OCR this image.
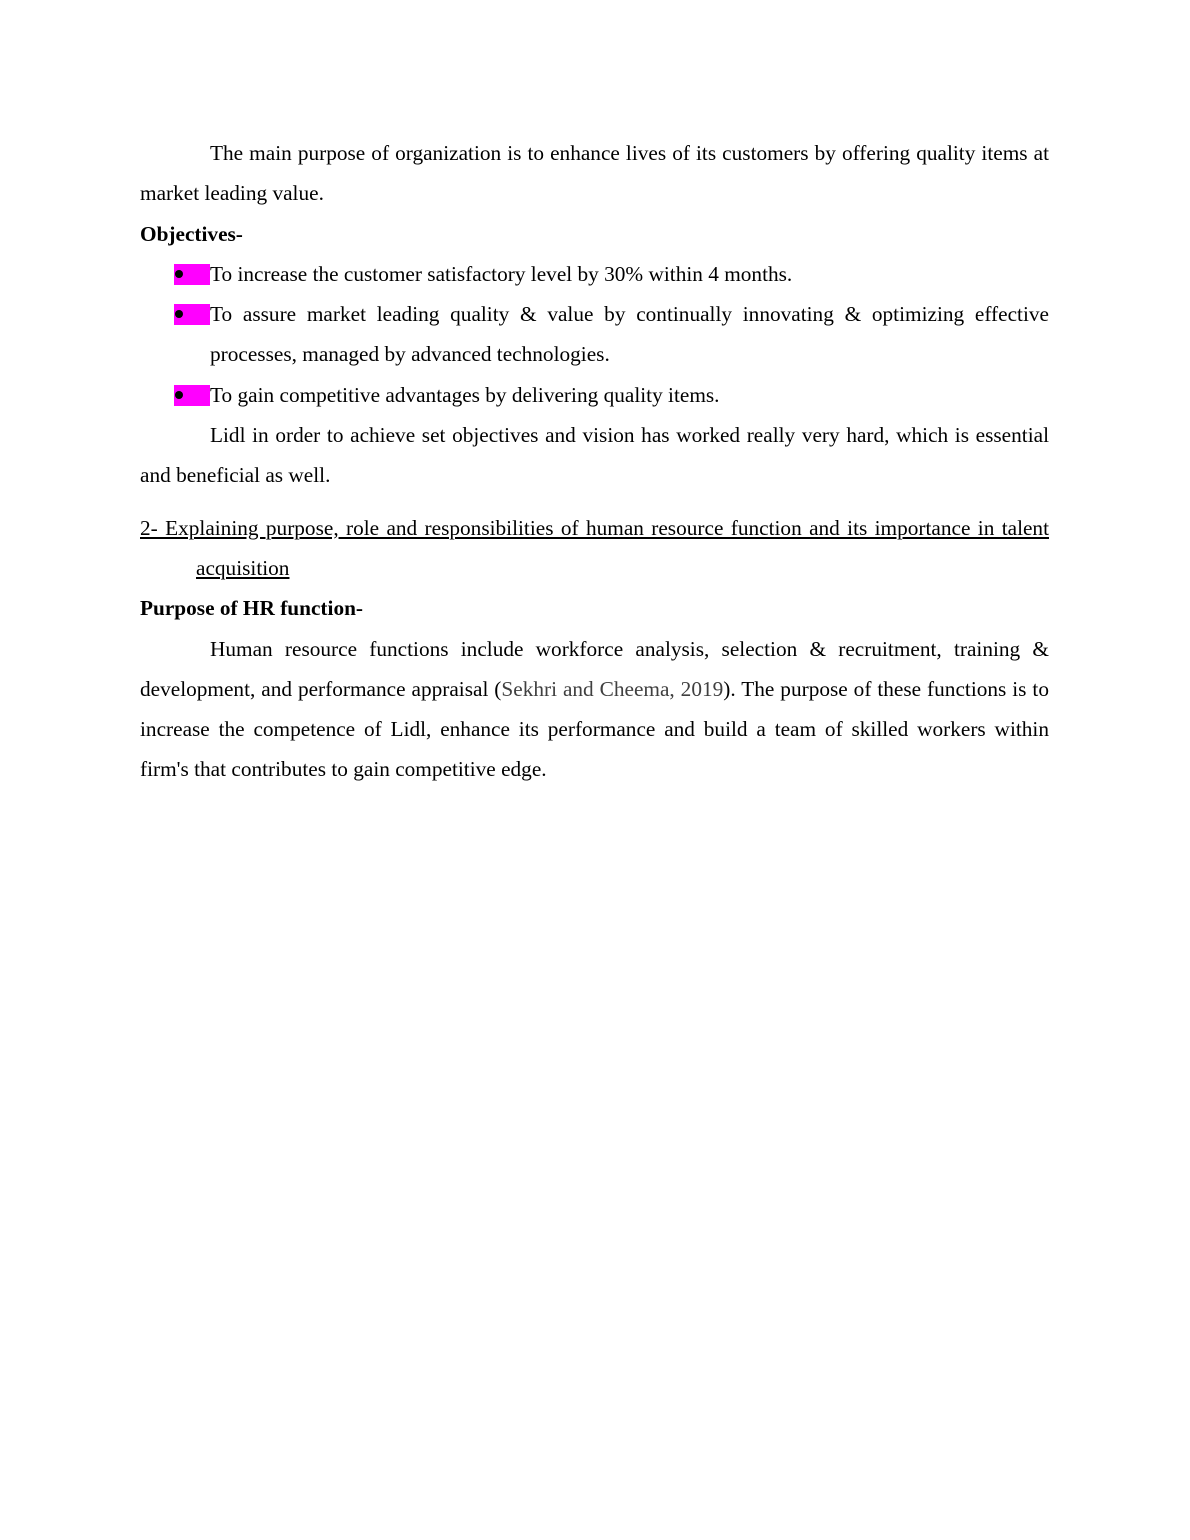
The main purpose of organization is to enhance lives of its customers by offering quality items at market leading value.

Objectives-

To increase the customer satisfactory level by 30% within 4 months.
To assure market leading quality & value by continually innovating & optimizing effective processes, managed by advanced technologies.
To gain competitive advantages by delivering quality items.

Lidl in order to achieve set objectives and vision has worked really very hard, which is essential and beneficial as well.

2- Explaining purpose, role and responsibilities of human resource function and its importance in talent acquisition

Purpose of HR function-

Human resource functions include workforce analysis, selection & recruitment, training & development, and performance appraisal (Sekhri and Cheema, 2019). The purpose of these functions is to increase the competence of Lidl, enhance its performance and build a team of skilled workers within firm's that contributes to gain competitive edge.
